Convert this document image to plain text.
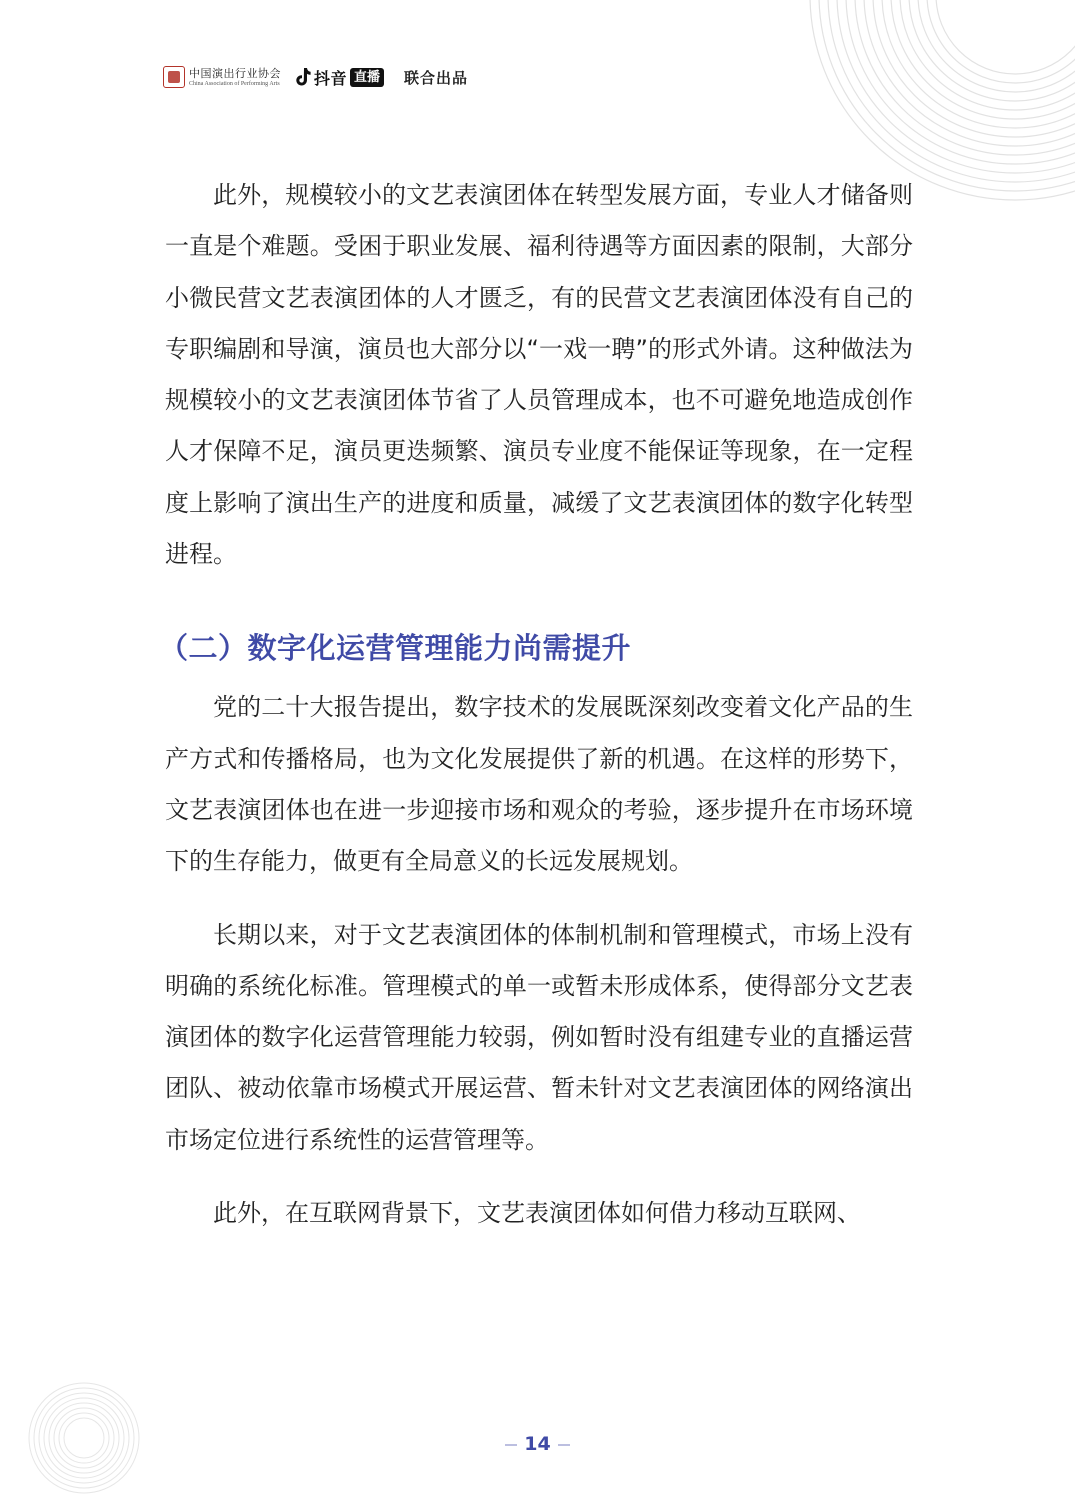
中国演出行业协会
China Association of Performing Arts 抖音 直播 联合出品

此外，规模较小的文艺表演团体在转型发展方面，专业人才储备则一直是个难题。受困于职业发展、福利待遇等方面因素的限制，大部分小微民营文艺表演团体的人才匮乏，有的民营文艺表演团体没有自己的专职编剧和导演，演员也大部分以“一戏一聘”的形式外请。这种做法为规模较小的文艺表演团体节省了人员管理成本，也不可避免地造成创作人才保障不足，演员更迭频繁、演员专业度不能保证等现象，在一定程度上影响了演出生产的进度和质量，减缓了文艺表演团体的数字化转型进程。

（二）数字化运营管理能力尚需提升

党的二十大报告提出，数字技术的发展既深刻改变着文化产品的生产方式和传播格局，也为文化发展提供了新的机遇。在这样的形势下，文艺表演团体也在进一步迎接市场和观众的考验，逐步提升在市场环境下的生存能力，做更有全局意义的长远发展规划。

长期以来，对于文艺表演团体的体制机制和管理模式，市场上没有明确的系统化标准。管理模式的单一或暂未形成体系，使得部分文艺表演团体的数字化运营管理能力较弱，例如暂时没有组建专业的直播运营团队、被动依靠市场模式开展运营、暂未针对文艺表演团体的网络演出市场定位进行系统性的运营管理等。

此外，在互联网背景下，文艺表演团体如何借力移动互联网、

14
